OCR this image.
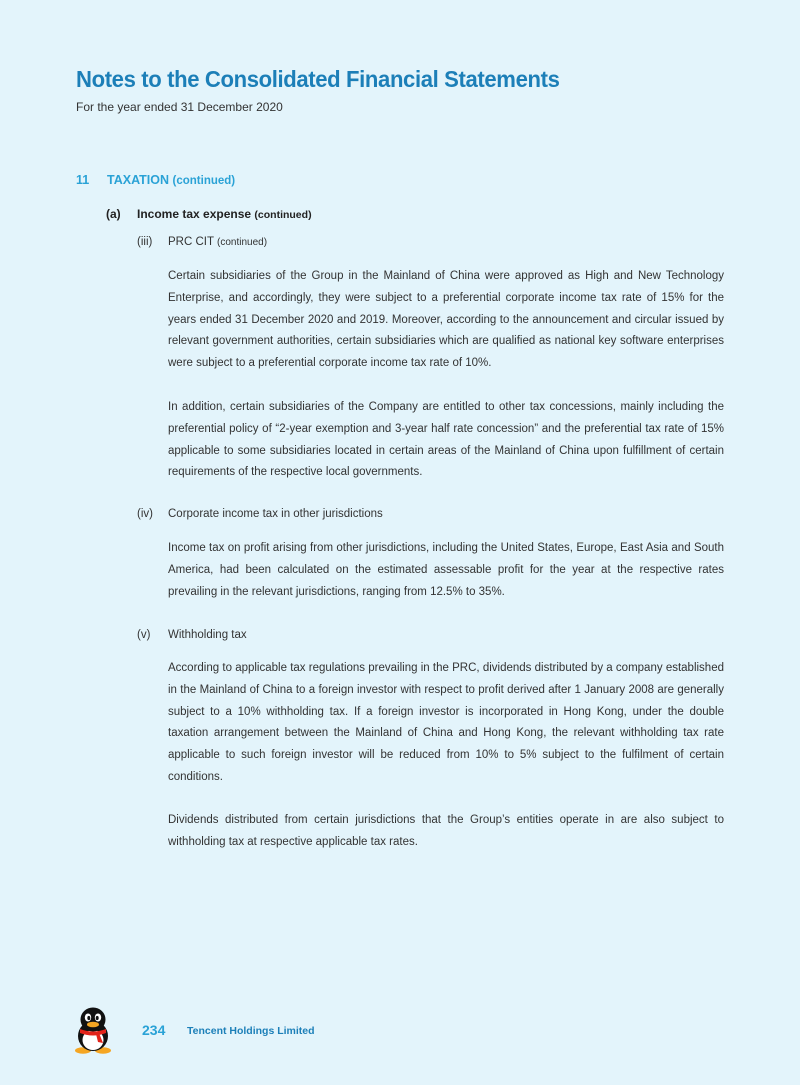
Notes to the Consolidated Financial Statements
For the year ended 31 December 2020
11 TAXATION (continued)
(a) Income tax expense (continued)
(iii) PRC CIT (continued)

Certain subsidiaries of the Group in the Mainland of China were approved as High and New Technology Enterprise, and accordingly, they were subject to a preferential corporate income tax rate of 15% for the years ended 31 December 2020 and 2019. Moreover, according to the announcement and circular issued by relevant government authorities, certain subsidiaries which are qualified as national key software enterprises were subject to a preferential corporate income tax rate of 10%.

In addition, certain subsidiaries of the Company are entitled to other tax concessions, mainly including the preferential policy of “2-year exemption and 3-year half rate concession” and the preferential tax rate of 15% applicable to some subsidiaries located in certain areas of the Mainland of China upon fulfillment of certain requirements of the respective local governments.

(iv) Corporate income tax in other jurisdictions

Income tax on profit arising from other jurisdictions, including the United States, Europe, East Asia and South America, had been calculated on the estimated assessable profit for the year at the respective rates prevailing in the relevant jurisdictions, ranging from 12.5% to 35%.

(v) Withholding tax

According to applicable tax regulations prevailing in the PRC, dividends distributed by a company established in the Mainland of China to a foreign investor with respect to profit derived after 1 January 2008 are generally subject to a 10% withholding tax. If a foreign investor is incorporated in Hong Kong, under the double taxation arrangement between the Mainland of China and Hong Kong, the relevant withholding tax rate applicable to such foreign investor will be reduced from 10% to 5% subject to the fulfilment of certain conditions.

Dividends distributed from certain jurisdictions that the Group’s entities operate in are also subject to withholding tax at respective applicable tax rates.

234 Tencent Holdings Limited
